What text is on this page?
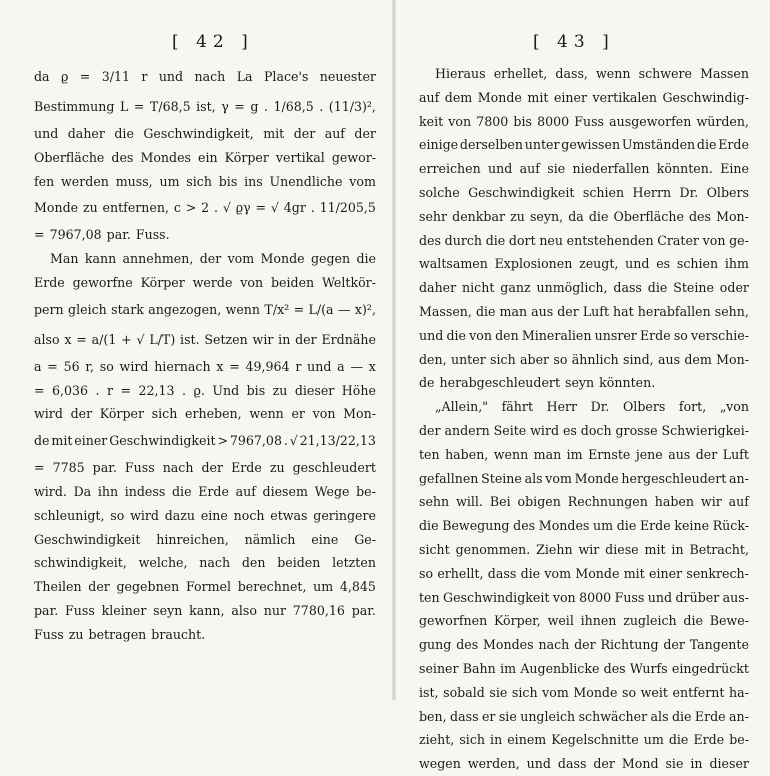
[ 42 ]
da ϱ = 3/11 r und nach La Place's neuester
Bestimmung L = T/68,5 ist, γ = g . 1/68,5 . (11/3)²,
und daher die Geschwindigkeit, mit der auf der
Oberfläche des Mondes ein Körper vertikal gewor-
fen werden muss, um sich bis ins Unendliche vom
Monde zu entfernen, c > 2 . √ ϱγ = √ 4gr . 11/205,5
= 7967,08 par. Fuss.
Man kann annehmen, der vom Monde gegen die
Erde geworfne Körper werde von beiden Weltkör-
pern gleich stark angezogen, wenn T/x² = L/(a — x)²,
also x = a/(1 + √ L/T) ist. Setzen wir in der Erdnähe
a = 56 r, so wird hiernach x = 49,964 r und a — x
= 6,036 . r = 22,13 . ϱ. Und bis zu dieser Höhe
wird der Körper sich erheben, wenn er von Mon-
de mit einer Geschwindigkeit > 7967,08 . √ 21,13/22,13
= 7785 par. Fuss nach der Erde zu geschleudert
wird. Da ihn indess die Erde auf diesem Wege be-
schleunigt, so wird dazu eine noch etwas geringere
Geschwindigkeit hinreichen, nämlich eine Ge-
schwindigkeit, welche, nach den beiden letzten
Theilen der gegebnen Formel berechnet, um 4,845
par. Fuss kleiner seyn kann, also nur 7780,16 par.
Fuss zu betragen braucht.
[ 43 ]
Hieraus erhellet, dass, wenn schwere Massen
auf dem Monde mit einer vertikalen Geschwindig-
keit von 7800 bis 8000 Fuss ausgeworfen würden,
einige derselben unter gewissen Umständen die Erde
erreichen und auf sie niederfallen könnten. Eine
solche Geschwindigkeit schien Herrn Dr. Olbers
sehr denkbar zu seyn, da die Oberfläche des Mon-
des durch die dort neu entstehenden Crater von ge-
waltsamen Explosionen zeugt, und es schien ihm
daher nicht ganz unmöglich, dass die Steine oder
Massen, die man aus der Luft hat herabfallen sehn,
und die von den Mineralien unsrer Erde so verschie-
den, unter sich aber so ähnlich sind, aus dem Mon-
de herabgeschleudert seyn könnten.
„Allein," fährt Herr Dr. Olbers fort, „von
der andern Seite wird es doch grosse Schwierigkei-
ten haben, wenn man im Ernste jene aus der Luft
gefallnen Steine als vom Monde hergeschleudert an-
sehn will. Bei obigen Rechnungen haben wir auf
die Bewegung des Mondes um die Erde keine Rück-
sicht genommen. Ziehn wir diese mit in Betracht,
so erhellt, dass die vom Monde mit einer senkrech-
ten Geschwindigkeit von 8000 Fuss und drüber aus-
geworfnen Körper, weil ihnen zugleich die Bewe-
gung des Mondes nach der Richtung der Tangente
seiner Bahn im Augenblicke des Wurfs eingedrückt
ist, sobald sie sich vom Monde so weit entfernt ha-
ben, dass er sie ungleich schwächer als die Erde an-
zieht, sich in einem Kegelschnitte um die Erde be-
wegen werden, und dass der Mond sie in dieser
